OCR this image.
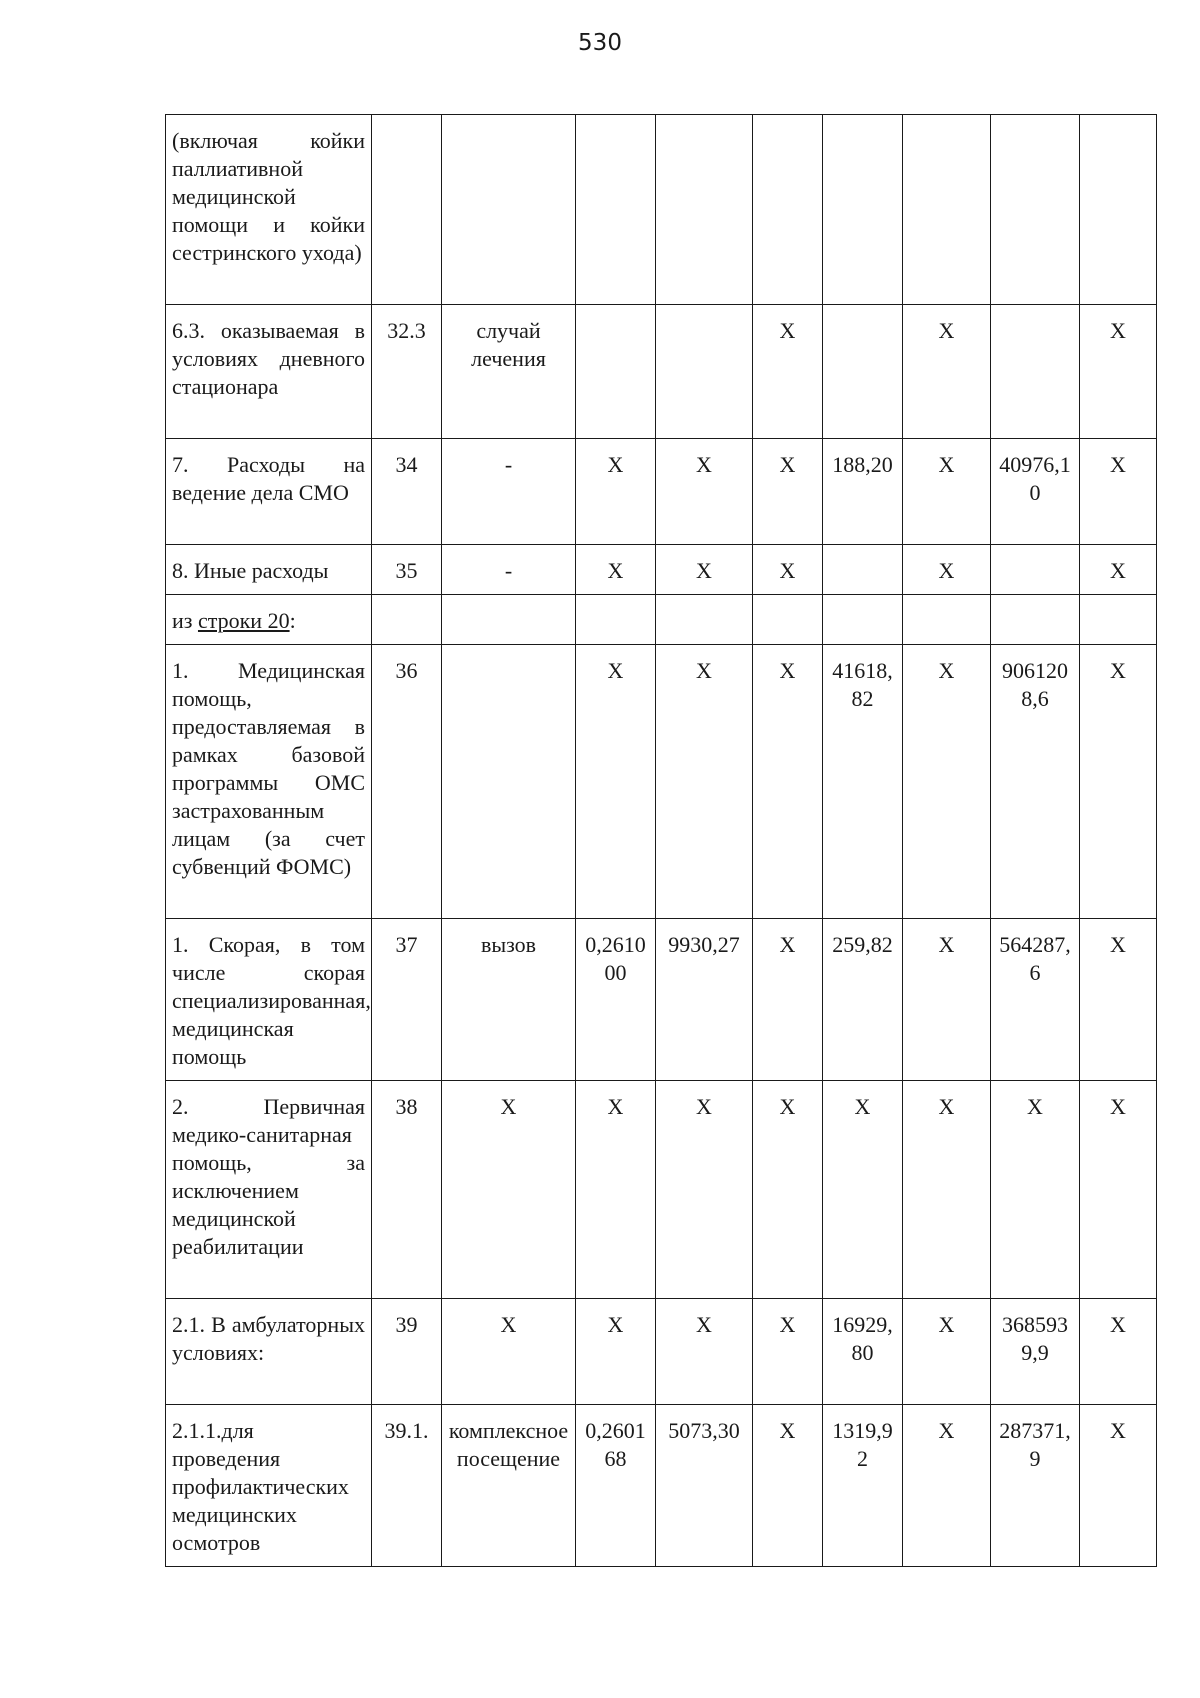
530
(включая койки паллиативной медицинской помощи и койки сестринского ухода)									
6.3. оказываемая в условиях дневного стационара	32.3	случай лечения			X		X		X
7. Расходы на ведение дела СМО	34	-	X	X	X	188,20	X	40976,10	X
8. Иные расходы	35	-	X	X	X		X		X
из строки 20:									
1. Медицинская помощь, предоставляемая в рамках базовой программы ОМС застрахованным лицам (за счет субвенций ФОМС)	36		X	X	X	41618,82	X	9061208,6	X
1. Скорая, в том числе скорая специализированная, медицинская помощь	37	вызов	0,261000	9930,27	X	259,82	X	564287,6	X
2. Первичная медико-санитарная помощь, за исключением медицинской реабилитации	38	X	X	X	X	X	X	X	X
2.1. В амбулаторных условиях:	39	X	X	X	X	16929,80	X	3685939,9	X
2.1.1.для проведения профилактических медицинских осмотров	39.1.	комплексное посещение	0,260168	5073,30	X	1319,92	X	287371,9	X
